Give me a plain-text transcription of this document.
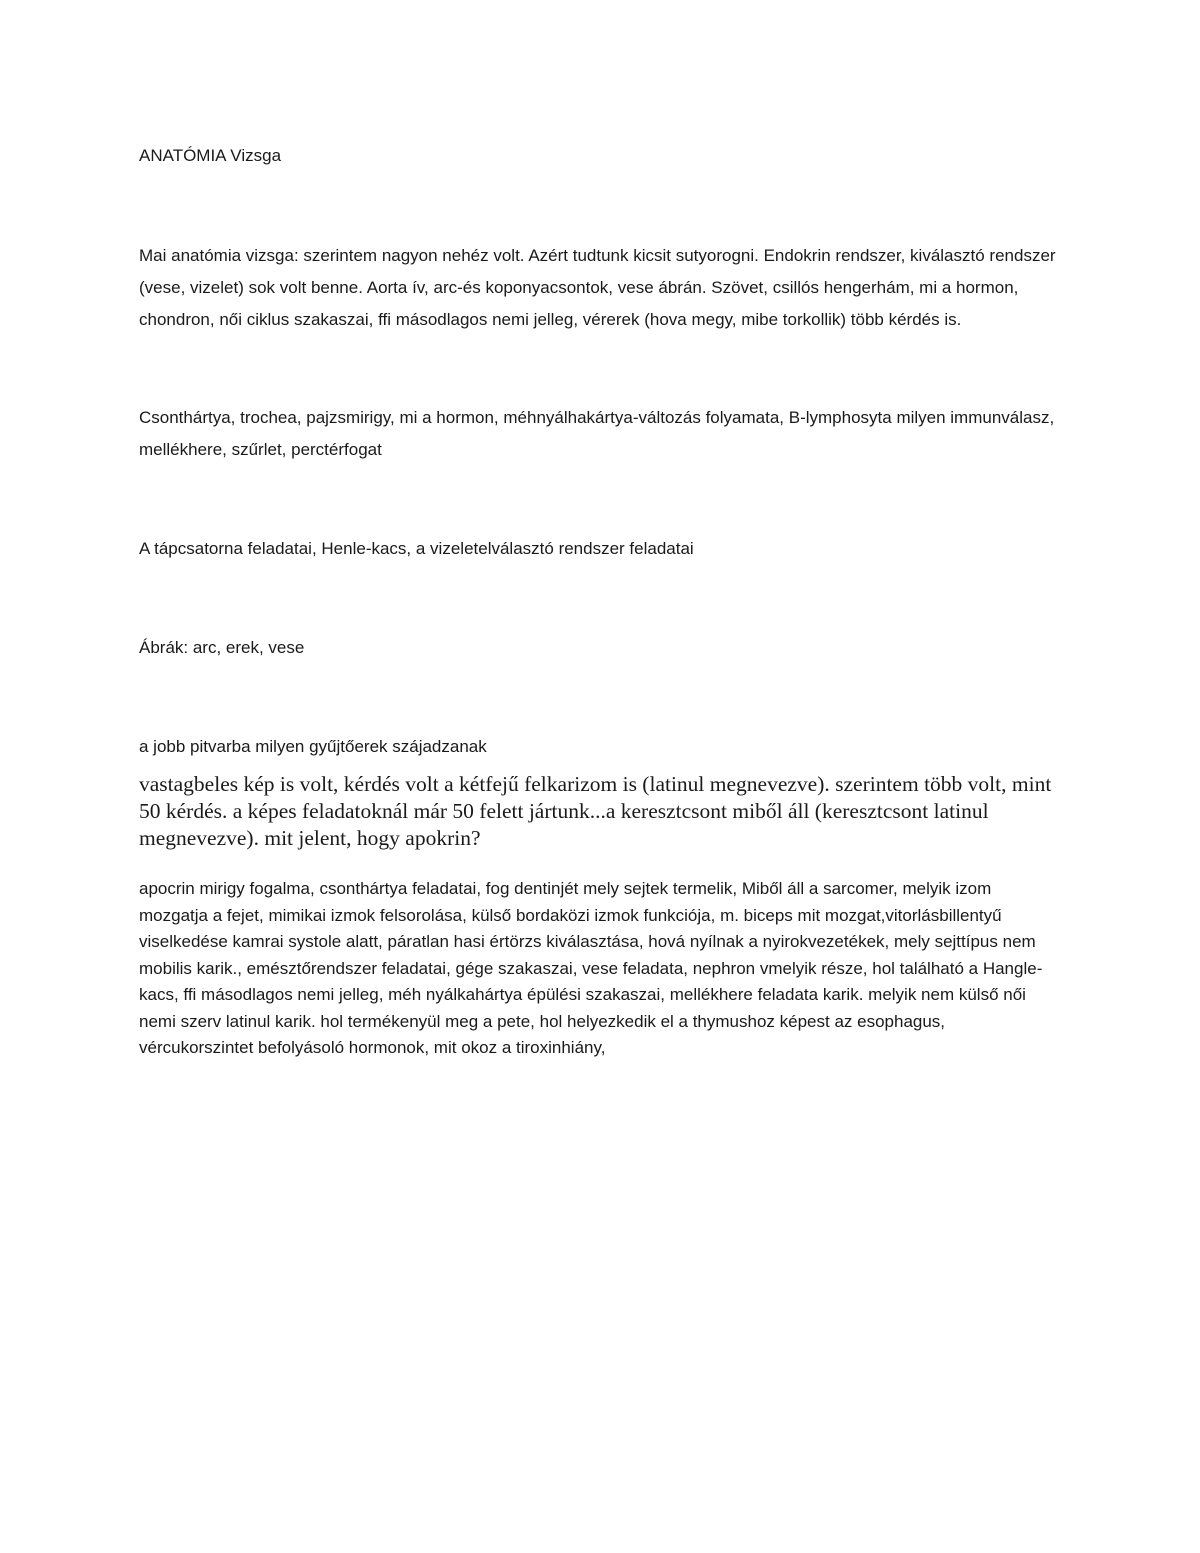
ANATÓMIA Vizsga

Mai anatómia vizsga: szerintem nagyon nehéz volt. Azért tudtunk kicsit sutyorogni. Endokrin rendszer, kiválasztó rendszer (vese, vizelet) sok volt benne. Aorta ív, arc-és koponyacsontok, vese ábrán. Szövet, csillós hengerhám, mi a hormon, chondron, női ciklus szakaszai, ffi másodlagos nemi jelleg, vérerek (hova megy, mibe torkollik) több kérdés is.

Csonthártya, trochea, pajzsmirigy, mi a hormon, méhnyálhakártya-változás folyamata, B-lymphosyta milyen immunválasz, mellékhere, szűrlet, perctérfogat

A tápcsatorna feladatai, Henle-kacs, a vizeletelválasztó rendszer feladatai

Ábrák: arc, erek, vese

a jobb pitvarba milyen gyűjtőerek szájadzanak

vastagbeles kép is volt, kérdés volt a kétfejű felkarizom is (latinul megnevezve). szerintem több volt, mint 50 kérdés. a képes feladatoknál már 50 felett jártunk...a keresztcsont miből áll (keresztcsont latinul megnevezve). mit jelent, hogy apokrin?

apocrin mirigy fogalma, csonthártya feladatai, fog dentinjét mely sejtek termelik, Miből áll a sarcomer, melyik izom mozgatja a fejet, mimikai izmok felsorolása, külső bordaközi izmok funkciója, m. biceps mit mozgat,vitorlásbillentyű viselkedése kamrai systole alatt, páratlan hasi értörzs kiválasztása, hová nyílnak a nyirokvezetékek, mely sejttípus nem mobilis karik., emésztőrendszer feladatai, gége szakaszai, vese feladata, nephron vmelyik része, hol található a Hangle-kacs, ffi másodlagos nemi jelleg, méh nyálkahártya épülési szakaszai, mellékhere feladata karik. melyik nem külső női nemi szerv latinul karik. hol termékenyül meg a pete, hol helyezkedik el a thymushoz képest az esophagus, vércukorszintet befolyásoló hormonok, mit okoz a tiroxinhiány,
